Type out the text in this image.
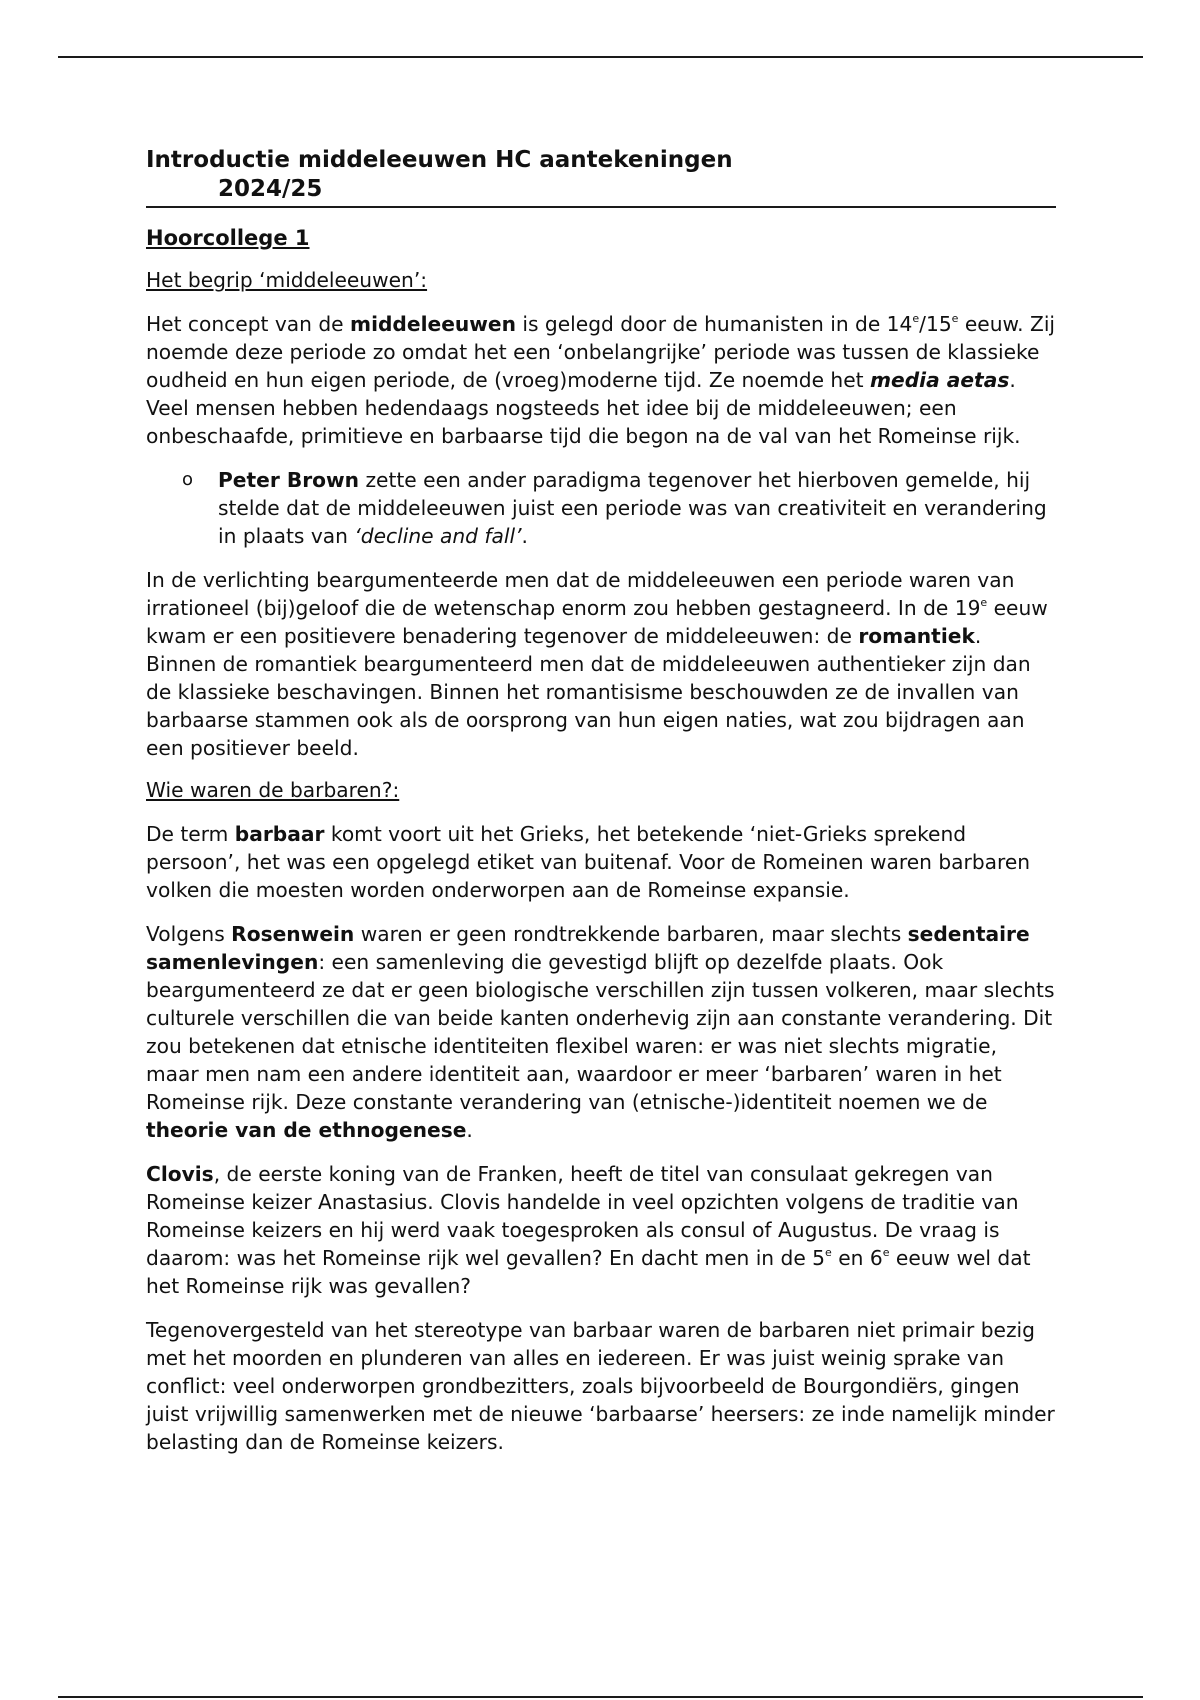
Introductie middeleeuwen HC aantekeningen
2024/25
Hoorcollege 1
Het begrip ‘middeleeuwen’:

Het concept van de middeleeuwen is gelegd door de humanisten in de 14e/15e eeuw. Zij noemde deze periode zo omdat het een ‘onbelangrijke’ periode was tussen de klassieke oudheid en hun eigen periode, de (vroeg)moderne tijd. Ze noemde het media aetas. Veel mensen hebben hedendaags nogsteeds het idee bij de middeleeuwen; een onbeschaafde, primitieve en barbaarse tijd die begon na de val van het Romeinse rijk.

o Peter Brown zette een ander paradigma tegenover het hierboven gemelde, hij stelde dat de middeleeuwen juist een periode was van creativiteit en verandering in plaats van ‘decline and fall’.

In de verlichting beargumenteerde men dat de middeleeuwen een periode waren van irrationeel (bij)geloof die de wetenschap enorm zou hebben gestagneerd. In de 19e eeuw kwam er een positievere benadering tegenover de middeleeuwen: de romantiek. Binnen de romantiek beargumenteerd men dat de middeleeuwen authentieker zijn dan de klassieke beschavingen. Binnen het romantisisme beschouwden ze de invallen van barbaarse stammen ook als de oorsprong van hun eigen naties, wat zou bijdragen aan een positiever beeld.

Wie waren de barbaren?:

De term barbaar komt voort uit het Grieks, het betekende ‘niet-Grieks sprekend persoon’, het was een opgelegd etiket van buitenaf. Voor de Romeinen waren barbaren volken die moesten worden onderworpen aan de Romeinse expansie.

Volgens Rosenwein waren er geen rondtrekkende barbaren, maar slechts sedentaire samenlevingen: een samenleving die gevestigd blijft op dezelfde plaats. Ook beargumenteerd ze dat er geen biologische verschillen zijn tussen volkeren, maar slechts culturele verschillen die van beide kanten onderhevig zijn aan constante verandering. Dit zou betekenen dat etnische identiteiten flexibel waren: er was niet slechts migratie, maar men nam een andere identiteit aan, waardoor er meer ‘barbaren’ waren in het Romeinse rijk. Deze constante verandering van (etnische-)identiteit noemen we de theorie van de ethnogenese.

Clovis, de eerste koning van de Franken, heeft de titel van consulaat gekregen van Romeinse keizer Anastasius. Clovis handelde in veel opzichten volgens de traditie van Romeinse keizers en hij werd vaak toegesproken als consul of Augustus. De vraag is daarom: was het Romeinse rijk wel gevallen? En dacht men in de 5e en 6e eeuw wel dat het Romeinse rijk was gevallen?

Tegenovergesteld van het stereotype van barbaar waren de barbaren niet primair bezig met het moorden en plunderen van alles en iedereen. Er was juist weinig sprake van conflict: veel onderworpen grondbezitters, zoals bijvoorbeeld de Bourgondiërs, gingen juist vrijwillig samenwerken met de nieuwe ‘barbaarse’ heersers: ze inde namelijk minder belasting dan de Romeinse keizers.
